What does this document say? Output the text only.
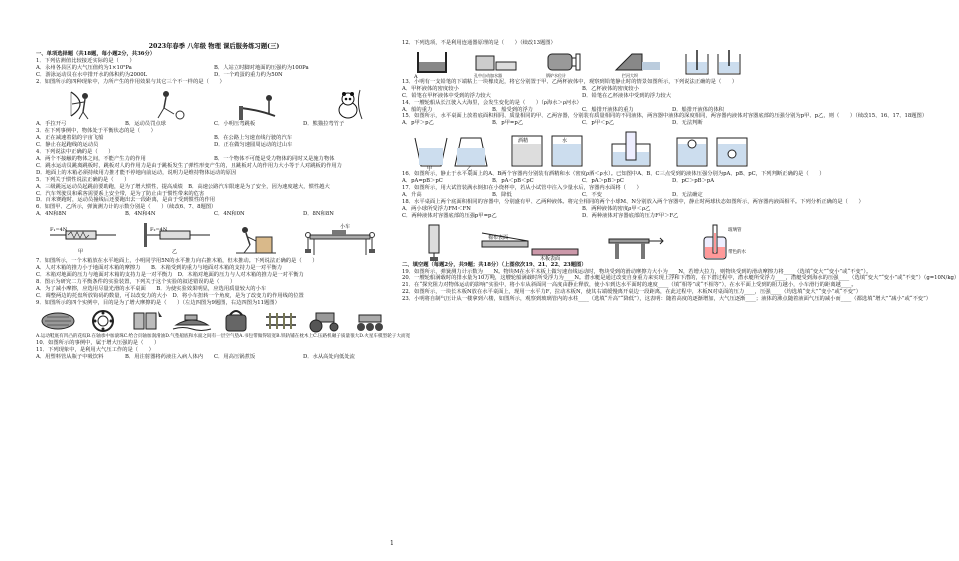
2023年春季 八年级 物理 课后服务练习题(三)
一、单项选择题（共18题，每小题2分，共36分）
1．下列估测值比较接近实际的是（　　）
A．永州各县区的大气压值约为1×10⁵Pa	B．人站立时脚对地面的压强约为100Pa
C．游泳运动员在水中排开水的体积约为2000L	D．一个鸡蛋的重力约为50N
2．如图所示的四种现象中，力所产生的作用效果与其它三个不一样的是（　　）
A．手拉开弓	B．运动员罚点球	C．小明压弯跳板	D．熊猫拉弯竹子
3．在下列事例中，物体处于平衡状态的是（　　）
A．正在减速着陆的宇宙飞船	B．在公路上匀速直线行驶的汽车
C．静止在起跑线的运动员	D．正在做匀速圆周运动的过山车
4．下列说法中正确的是（　　）
A．两个不接触的物体之间，不能产生力的作用	B．一个物体不可能是受力物体的同时又是施力物体
C．跳水运动员跳离跳板时，跳板对人的作用力是由于跳板发生了弹性形变产生的，且跳板对人的作用力大小等于人对跳板的作用力
D．地面上的木箱必须持续用力推才能不停地向前运动，说明力是维持物体运动的原因
5．下列关于惯性说法正确的是（　　）
A．三级跳远运动员起跳前要助跑，是为了增大惯性，提高成绩　B．高速公路汽车限速是为了安全，因为速度越大，惯性越大
C．汽车驾驶员和乘客需要系上安全带，是为了防止由于惯性带来的危害
D．百米赛跑时，运动员撞线后还要跑出去一段距离，是由于受到惯性的作用
6．如图甲、乙所示，弹簧测力计的示数分别是（　　）（续改6、7、8题图）
A．4N和8N	B．4N和4N	C．4N和0N	D．8N和8N
F₁=4N
甲
F₂=4N
乙
小车
7．如图所示，一个木箱放在水平地面上，小明同学用5N的水平推力向右推木箱，但未推动。下列说法正确的是（　　）
A．人对木箱的推力小于地面对木箱的摩擦力　　B．木箱受到的重力与地面对木箱的支持力是一对平衡力
C．木箱对地面的压力与地面对木箱的支持力是一对平衡力　D．木箱对地面的压力与人对木箱的推力是一对平衡力
8．图示为研究二力平衡条件的实验装置，下列关于这个实验的叙述错误的是（　　）
A．为了减小摩擦，应选用尽量光滑的水平桌面　　B．为使实验效果明显，应选用质量较大的小车
C．调整两边的托盘所放钩码的数量，可以改变力的大小　D．将小车扭转一个角度，是为了改变力的作用线的位置
9．如图所示的四个实例中，目的是为了增大摩擦的是（　　）（左边四图为9题图，右边四图为11题图）
A.运动鞋底有凹凸的花纹 B.在轴承中加滚珠 C.给合页轴加润滑油 D.气垫船底和水面之间有一层空气垫 A.书包带做得较宽 B.铁轨铺在枕木上 C.压路机碾子质量很大 D.火星车模型轮子大而宽
10．如图所示的事例中，属于增大压强的是（　　）
11．下列现象中，是利用大气压工作的是（　　）
A．用塑料管从瓶子中吸饮料	B．用注射器将药液注入病人体内	C．用高压锅煮饭	D．水从高处向低处流
12．下列选项，不是利用连通器原理的是（　　）（续改13题图）
A	孔中自动加水器	锅炉水位计	拦河大坝
13．小明有一支铅笔的下端粘上一块橡皮泥，将它分别置于甲、乙两杯液体中，观察到铅笔静止时的情景如图所示，下列说法正确的是（　　）
A．甲杯液体的密度较小	B．乙杯液体的密度较小
C．铅笔在甲杯液体中受到的浮力较大	D．铅笔在乙杯液体中受到的浮力较大
14．一艘轮船从长江驶入大海里，会发生变化的是（　　）（ρ海水＞ρ河水）
A．船的重力	B．船受到的浮力	C．船排开液体的重力	D．船排开液体的体积
15．如图所示，水平桌面上放着底面积相同、质量相同的甲、乙两容器，分别装有质量相同的不同液体，两容器中液体的深度相同，两容器内液体对容器底部的压强分别为p甲、p乙，则（　　）（续改15、16、17、18题图）
A．p甲＞p乙	B．p甲=p乙	C．p甲＜p乙	D．无法判断
甲	乙
酒精	水
16．如图所示，静止于水平桌面上的A、B两个容器内分别装有酒精和水（密度ρ酒＜ρ水）。已知图中A、B、C三点受到的液体压强分别为pA、pB、pC，下列判断正确的是（　　）
A．pA=pB＞pC	B．pA＜pB＜pC	C．pA＞pB＞pC	D．pC＞pB＞pA
17．如图所示，用大试管装满水倒扣在小烧杯中，若从小试管中注入少量水后，容器内水面将（　　）
A．升高	B．降低	C．不变	D．无法确定
18．水平桌面上两个底面积相同的容器中，分别盛有甲、乙两种液体。将完全相同的两个小球M、N分别放入两个容器中，静止时两球状态如图所示，两容器内液面相平。下列分析正确的是（　　）
A．两小球所受浮力FM＜FN	B．两种液体的密度ρ甲＜ρ乙
C．两种液体对容器底部的压强p甲=p乙	D．两种液体对容器底部的压力F甲＞F乙
棉布表面
木板表面
玻璃管
带色的水
二、填空题（每题2分，共9题；共18分）（上图依次19、21、22、23题图）
19．如图所示，弹簧测力计示数为____N。物块M在水平木板上做匀速直线运动时，物块受到的滑动摩擦力大小为____N，若增大拉力，则物块受到的滑动摩擦力将____（选填“变大”“变小”或“不变”）。
20．一艘轮船满载时的排水量为10万吨，这艘轮船满载时所受浮力为____N。潜水艇是通过改变自身重力来实现上浮和下潜的，在下潜过程中，潜水艇所受浮力____，潜艇受到海水的压强____（选填“变大”“变小”或“不变”）（g=10N/kg）
21．在“探究阻力对物体运动的影响”实验中，将小车从斜面同一高度由静止释放，使小车到达水平面时的速度____（填“相等”或“不相等”），在水平面上受到的阻力越小，小车滑行的距离越____。
22．如图所示，一块长木板N放在水平桌面上，现用一水平力F，拉动木板N，使其右端缓慢离开桌边一段距离，在此过程中，木板N对桌面的压力____，压强____（均选填“变大”“变小”或“不变”）
23．小明将自制气压计从一楼拿到六楼，如图所示，观察到玻璃管内的水柱____（选填“升高”“降低”），这表明：随着高度的逐渐增加，大气压逐渐____；液体的沸点随着液面气压的减小而____（都选填“增大”“减小”或“不变”）
1
